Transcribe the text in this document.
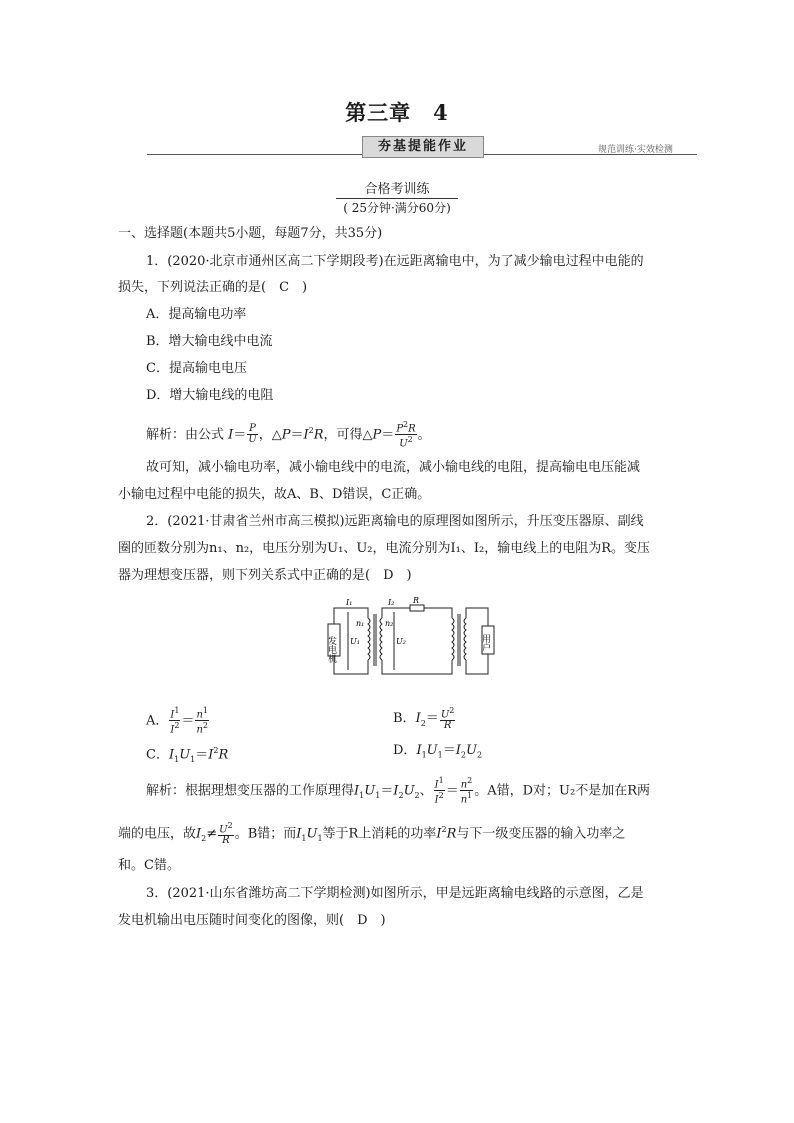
第三章　4
夯基提能作业	规范训练·实效检测
合格考训练
( 25分钟·满分60分)
一、选择题(本题共5小题，每题7分，共35分)
1．(2020·北京市通州区高二下学期段考)在远距离输电中，为了减少输电过程中电能的
损失，下列说法正确的是(　C　)
A．提高输电功率
B．增大输电线中电流
C．提高输电电压
D．增大输电线的电阻
解析：由公式 $I= \frac{P}{U}$ ，$\triangle P=I^2R$，可得△P＝ $\frac{P^2R}{U^2}$ 。
故可知，减小输电功率，减小输电线中的电流，减小输电线的电阻，提高输电电压能减
小输电过程中电能的损失，故A、B、D错误，C正确。
2．(2021·甘肃省兰州市高三模拟)远距离输电的原理图如图所示，升压变压器原、副线
圈的匝数分别为n₁、n₂，电压分别为U₁、U₂，电流分别为I₁、I₂，输电线上的电阻为R。变压
器为理想变压器，则下列关系式中正确的是(　D　)
发电机	用户
I₁	I₂ R
n₁	n₂
U₁	U₂
A． $\frac{I^1}{I^2} = \frac{n^1}{n^2}$	B．$I_2= \frac{U^2}{R}$
C．$I_1U_1=I^2R$	D．$I_1U_1=I_2U_2$
解析：根据理想变压器的工作原理得$I_1U_1=I_2U_2$、 $\frac{I^1}{I^2} = \frac{n^2}{n^1}$ 。A错，D对；U₂不是加在R两
端的电压，故$I_2\ne \frac{U^2}{R}$ 。B错；而$I_1U_1$等于R上消耗的功率$I^2R$与下一级变压器的输入功率之
和。C错。
3．(2021·山东省潍坊高二下学期检测)如图所示，甲是远距离输电线路的示意图，乙是
发电机输出电压随时间变化的图像，则(　D　)
